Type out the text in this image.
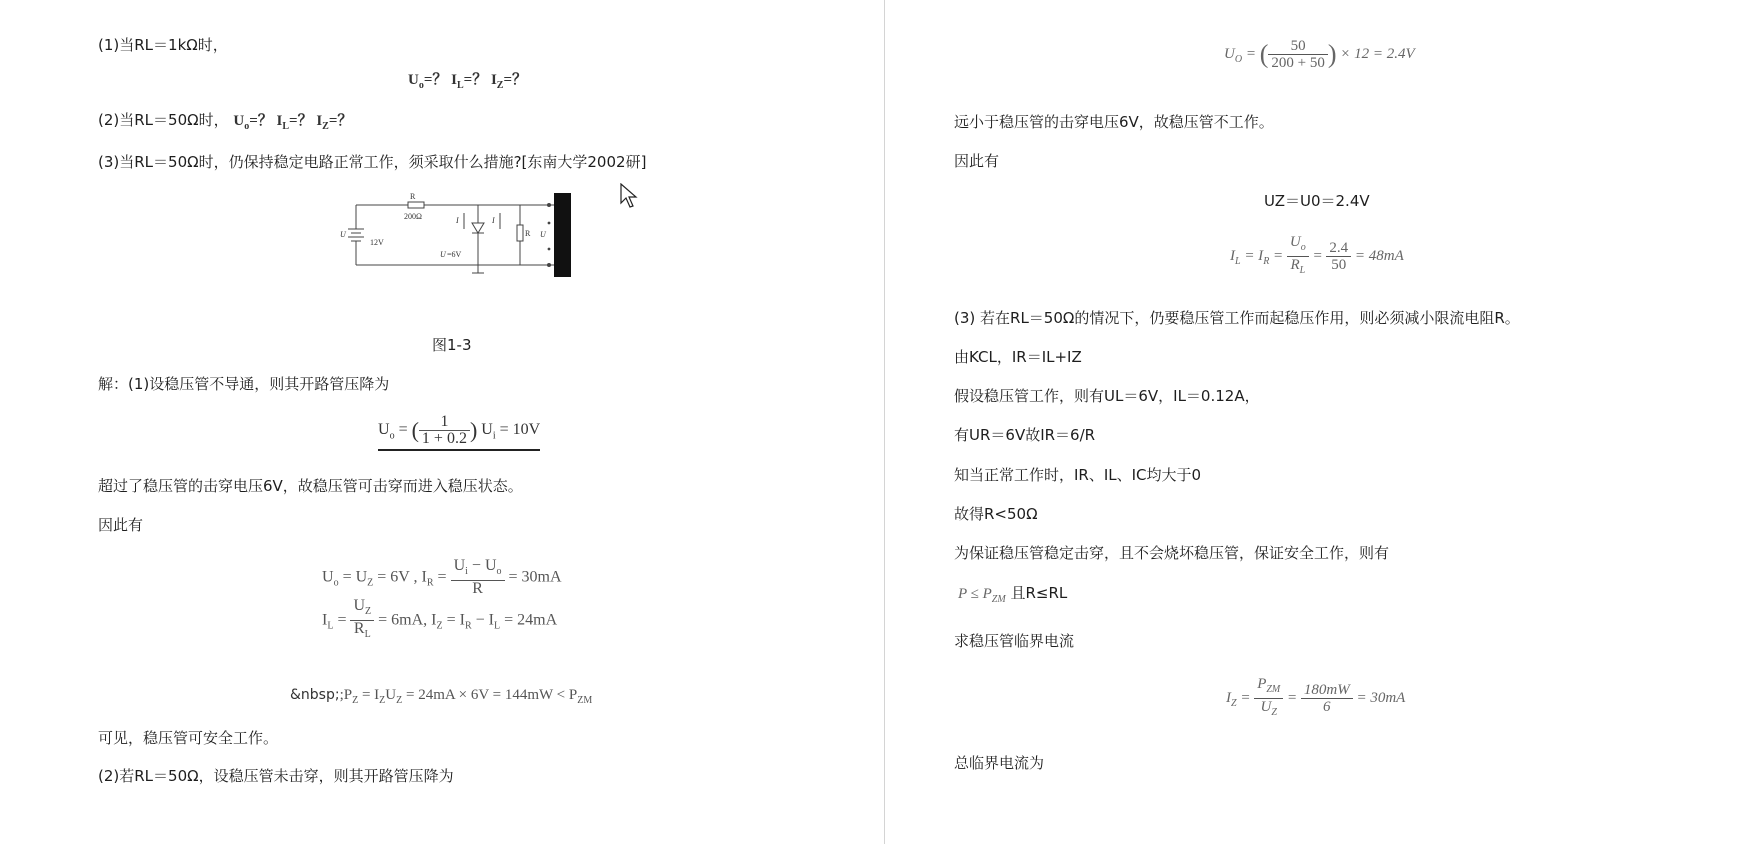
(1)当RL＝1kΩ时，
$U_o=$？ $I_L=$？ $I_Z=$？
(2)当RL＝50Ω时， $U_o=$？ $I_L=$？ $I_Z=$？
(3)当RL＝50Ω时，仍保持稳定电路正常工作，须采取什么措施?[东南大学2002研]
R
200Ω
U
12V
I	I
R
U =6V
U
图1-3
解：(1)设稳压管不导通，则其开路管压降为
$U_o$ = ( $\frac{1}{1 + 0.2}$ ) $U_i = 10V$
超过了稳压管的击穿电压6V，故稳压管可击穿而进入稳压状态。
因此有
$U_o = U_Z = 6V$ , $I_R = \frac{U_i - U_o}{R} = 30mA$
$I_L = \frac{U_Z}{R_L} = 6mA$, $I_Z = I_R - I_L = 24mA$
$\&nbsp;;P_Z = I_ZU_Z = 24mA \times 6V = 144mW < P_{ZM}$
可见，稳压管可安全工作。
(2)若RL＝50Ω，设稳压管未击穿，则其开路管压降为
$U_O$ = ( $\frac{50}{200 + 50}$ ) × 12 = 2.4V
远小于稳压管的击穿电压6V，故稳压管不工作。
因此有
UZ＝U0＝2.4V
$I_L = I_R = \frac{U_o}{R_L} = \frac{2.4}{50} = 48mA$
(3) 若在RL＝50Ω的情况下，仍要稳压管工作而起稳压作用，则必须减小限流电阻R。
由KCL，IR＝IL+IZ
假设稳压管工作，则有UL＝6V，IL＝0.12A，
有UR＝6V故IR＝6/R
知当正常工作时，IR、IL、IC均大于0
故得R<50Ω
为保证稳压管稳定击穿，且不会烧坏稳压管，保证安全工作，则有
$P \le P_{ZM}$ 且R≤RL
求稳压管临界电流
$I_Z = \frac{P_{ZM}}{U_Z} = \frac{180mW}{6} = 30mA$
总临界电流为
